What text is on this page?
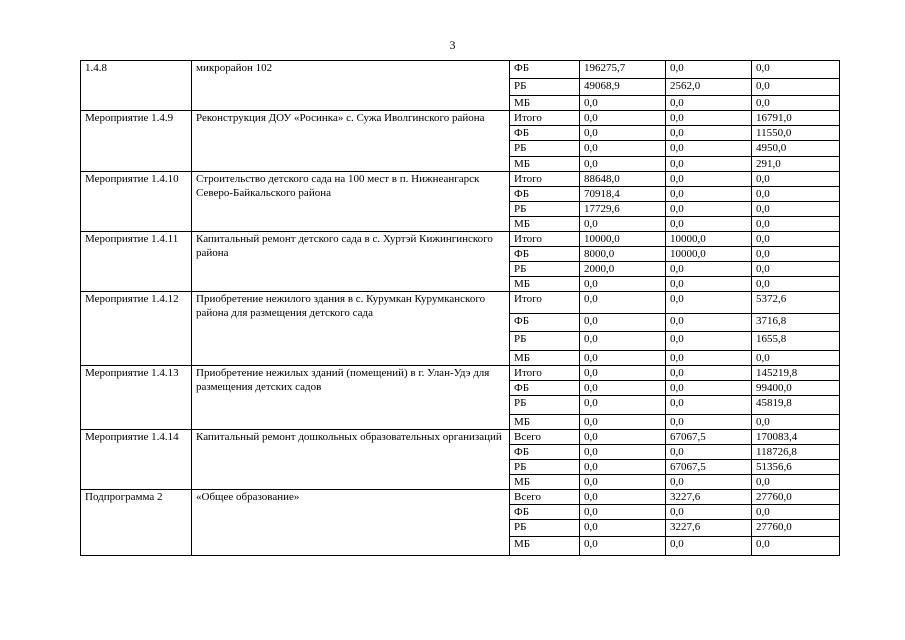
3
1.4.8	микрорайон 102	ФБ	196275,7	0,0	0,0
		РБ	49068,9	2562,0	0,0
		МБ	0,0	0,0	0,0
Мероприятие 1.4.9	Реконструкция ДОУ «Росинка» с. Сужа Иволгинского района	Итого	0,0	0,0	16791,0
		ФБ	0,0	0,0	11550,0
		РБ	0,0	0,0	4950,0
		МБ	0,0	0,0	291,0
Мероприятие 1.4.10	Строительство детского сада на 100 мест в п. Нижнеангарск Северо-Байкальского района	Итого	88648,0	0,0	0,0
		ФБ	70918,4	0,0	0,0
		РБ	17729,6	0,0	0,0
		МБ	0,0	0,0	0,0
Мероприятие 1.4.11	Капитальный ремонт детского сада в с. Хуртэй Кижингинского района	Итого	10000,0	10000,0	0,0
		ФБ	8000,0	10000,0	0,0
		РБ	2000,0	0,0	0,0
		МБ	0,0	0,0	0,0
Мероприятие 1.4.12	Приобретение нежилого здания в с. Курумкан Курумканского района для размещения детского сада	Итого	0,0	0,0	5372,6
		ФБ	0,0	0,0	3716,8
		РБ	0,0	0,0	1655,8
		МБ	0,0	0,0	0,0
Мероприятие 1.4.13	Приобретение нежилых зданий (помещений) в г. Улан-Удэ для размещения детских садов	Итого	0,0	0,0	145219,8
		ФБ	0,0	0,0	99400,0
		РБ	0,0	0,0	45819,8
		МБ	0,0	0,0	0,0
Мероприятие 1.4.14	Капитальный ремонт дошкольных образовательных организаций	Всего	0,0	67067,5	170083,4
		ФБ	0,0	0,0	118726,8
		РБ	0,0	67067,5	51356,6
		МБ	0,0	0,0	0,0
Подпрограмма 2	«Общее образование»	Всего	0,0	3227,6	27760,0
		ФБ	0,0	0,0	0,0
		РБ	0,0	3227,6	27760,0
		МБ	0,0	0,0	0,0
